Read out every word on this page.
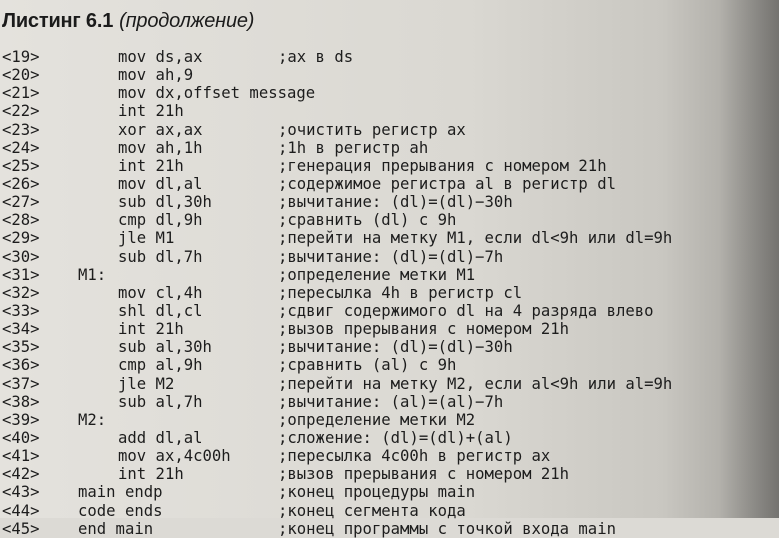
Листинг 6.1 (продолжение)
<19>	mov ds,ax	;ax в ds
<20>	mov ah,9
<21>	mov dx,offset message
<22>	int 21h
<23>	xor ax,ax	;очистить регистр ax
<24>	mov ah,1h	;1h в регистр ah
<25>	int 21h	;генерация прерывания с номером 21h
<26>	mov dl,al	;содержимое регистра al в регистр dl
<27>	sub dl,30h	;вычитание: (dl)=(dl)−30h
<28>	cmp dl,9h	;сравнить (dl) с 9h
<29>	jle M1	;перейти на метку M1, если dl<9h или dl=9h
<30>	sub dl,7h	;вычитание: (dl)=(dl)−7h
<31> M1:	;определение метки M1
<32>	mov cl,4h	;пересылка 4h в регистр cl
<33>	shl dl,cl	;сдвиг содержимого dl на 4 разряда влево
<34>	int 21h	;вызов прерывания с номером 21h
<35>	sub al,30h	;вычитание: (dl)=(dl)−30h
<36>	cmp al,9h	;сравнить (al) с 9h
<37>	jle M2	;перейти на метку M2, если al<9h или al=9h
<38>	sub al,7h	;вычитание: (al)=(al)−7h
<39> M2:	;определение метки M2
<40>	add dl,al	;сложение: (dl)=(dl)+(al)
<41>	mov ax,4c00h	;пересылка 4c00h в регистр ax
<42>	int 21h	;вызов прерывания с номером 21h
<43> main endp	;конец процедуры main
<44> code ends	;конец сегмента кода
<45> end main	;конец программы с точкой входа main
